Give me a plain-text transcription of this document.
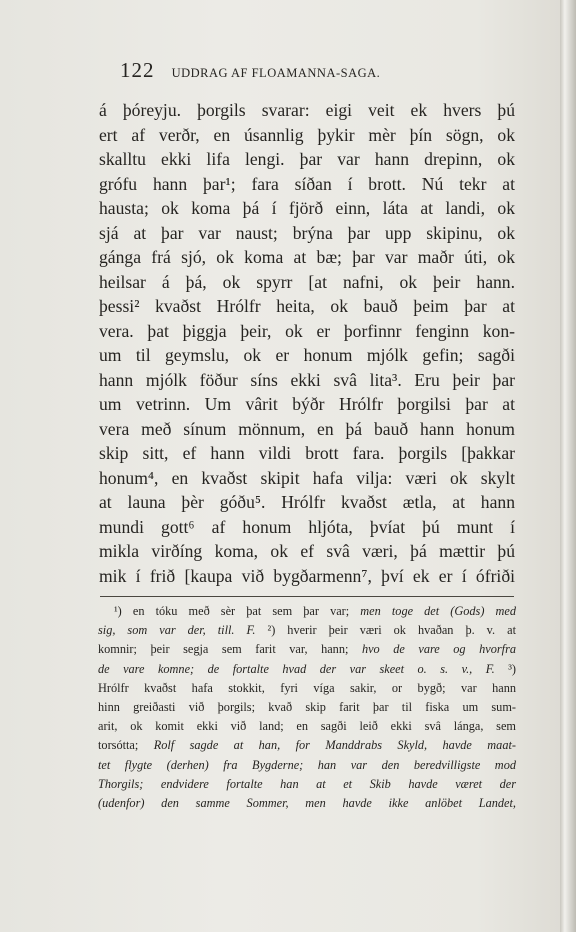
122 UDDRAG AF FLOAMANNA-SAGA.
á þóreyju. þorgils svarar: eigi veit ek hvers þú
ert af verðr, en úsannlig þykir mèr þín sögn, ok
skalltu ekki lifa lengi. þar var hann drepinn, ok
grófu hann þar¹; fara síðan í brott. Nú tekr at
hausta; ok koma þá í fjörð einn, láta at landi, ok
sjá at þar var naust; brýna þar upp skipinu, ok
gánga frá sjó, ok koma at bæ; þar var maðr úti, ok
heilsar á þá, ok spyrr [at nafni, ok þeir hann.
þessi² kvaðst Hrólfr heita, ok bauð þeim þar at
vera. þat þiggja þeir, ok er þorfinnr fenginn kon-
um til geymslu, ok er honum mjólk gefin; sagði
hann mjólk föður síns ekki svâ lita³. Eru þeir þar
um vetrinn. Um vârit býðr Hrólfr þorgilsi þar at
vera með sínum mönnum, en þá bauð hann honum
skip sitt, ef hann vildi brott fara. þorgils [þakkar
honum⁴, en kvaðst skipit hafa vilja: væri ok skylt
at launa þèr góðu⁵. Hrólfr kvaðst ætla, at hann
mundi gott⁶ af honum hljóta, þvíat þú munt í
mikla virðíng koma, ok ef svâ væri, þá mættir þú
mik í frið [kaupa við bygðarmenn⁷, því ek er í ófriði
¹) en tóku með sèr þat sem þar var; men toge det (Gods) med
sig, som var der, till. F. ²) hverir þeir væri ok hvaðan þ. v. at
komnir; þeir segja sem farit var, hann; hvo de vare og hvorfra
de vare komne; de fortalte hvad der var skeet o. s. v., F. ³)
Hrólfr kvaðst hafa stokkit, fyri víga sakir, or bygð; var hann
hinn greiðasti við þorgils; kvað skip farit þar til fiska um sum-
arit, ok komit ekki við land; en sagði leið ekki svâ lánga, sem
torsótta; Rolf sagde at han, for Manddrabs Skyld, havde maat-
tet flygte (derhen) fra Bygderne; han var den beredvilligste mod
Thorgils; endvidere fortalte han at et Skib havde været der
(udenfor) den samme Sommer, men havde ikke anlöbet Landet,
